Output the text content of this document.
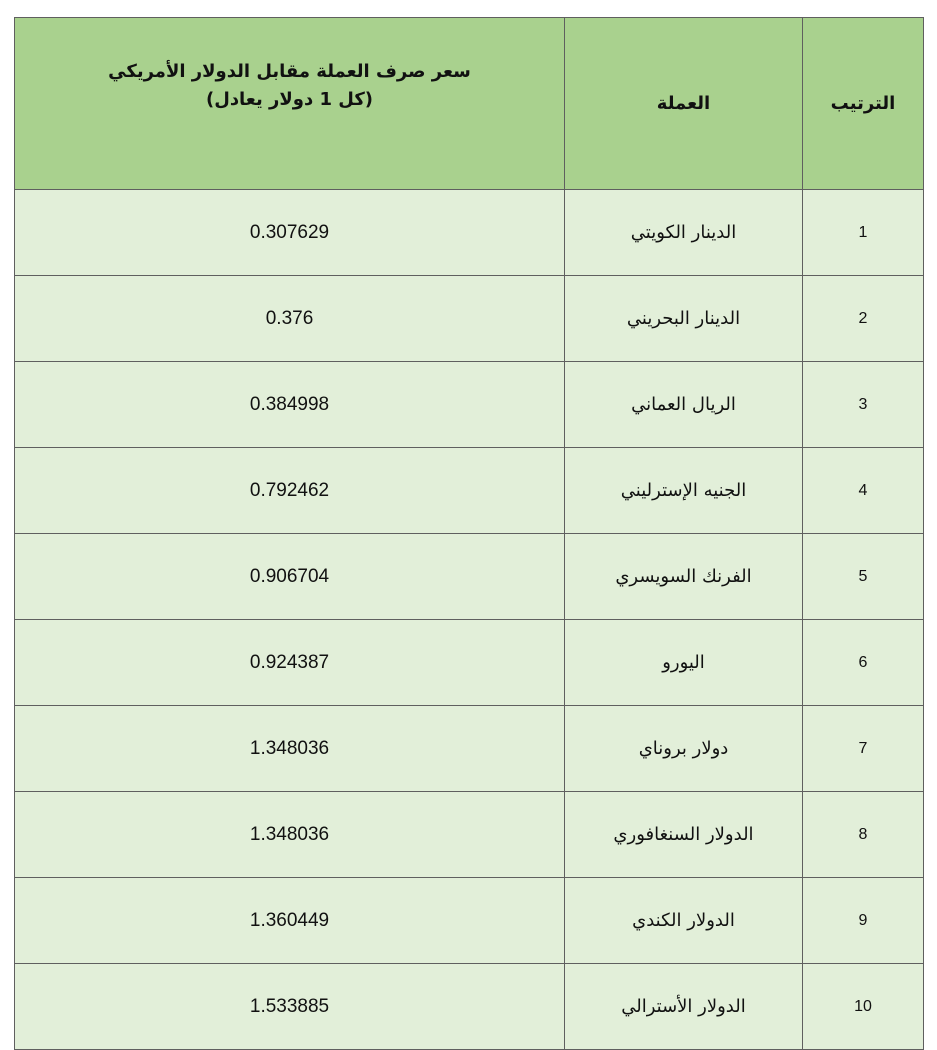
سعر صرف العملة مقابل الدولار الأمريكي
(كل 1 دولار يعادل)	العملة	الترتيب
0.307629	الدينار الكويتي	1
0.376	الدينار البحريني	2
0.384998	الريال العماني	3
0.792462	الجنيه الإسترليني	4
0.906704	الفرنك السويسري	5
0.924387	اليورو	6
1.348036	دولار بروناي	7
1.348036	الدولار السنغافوري	8
1.360449	الدولار الكندي	9
1.533885	الدولار الأسترالي	10
